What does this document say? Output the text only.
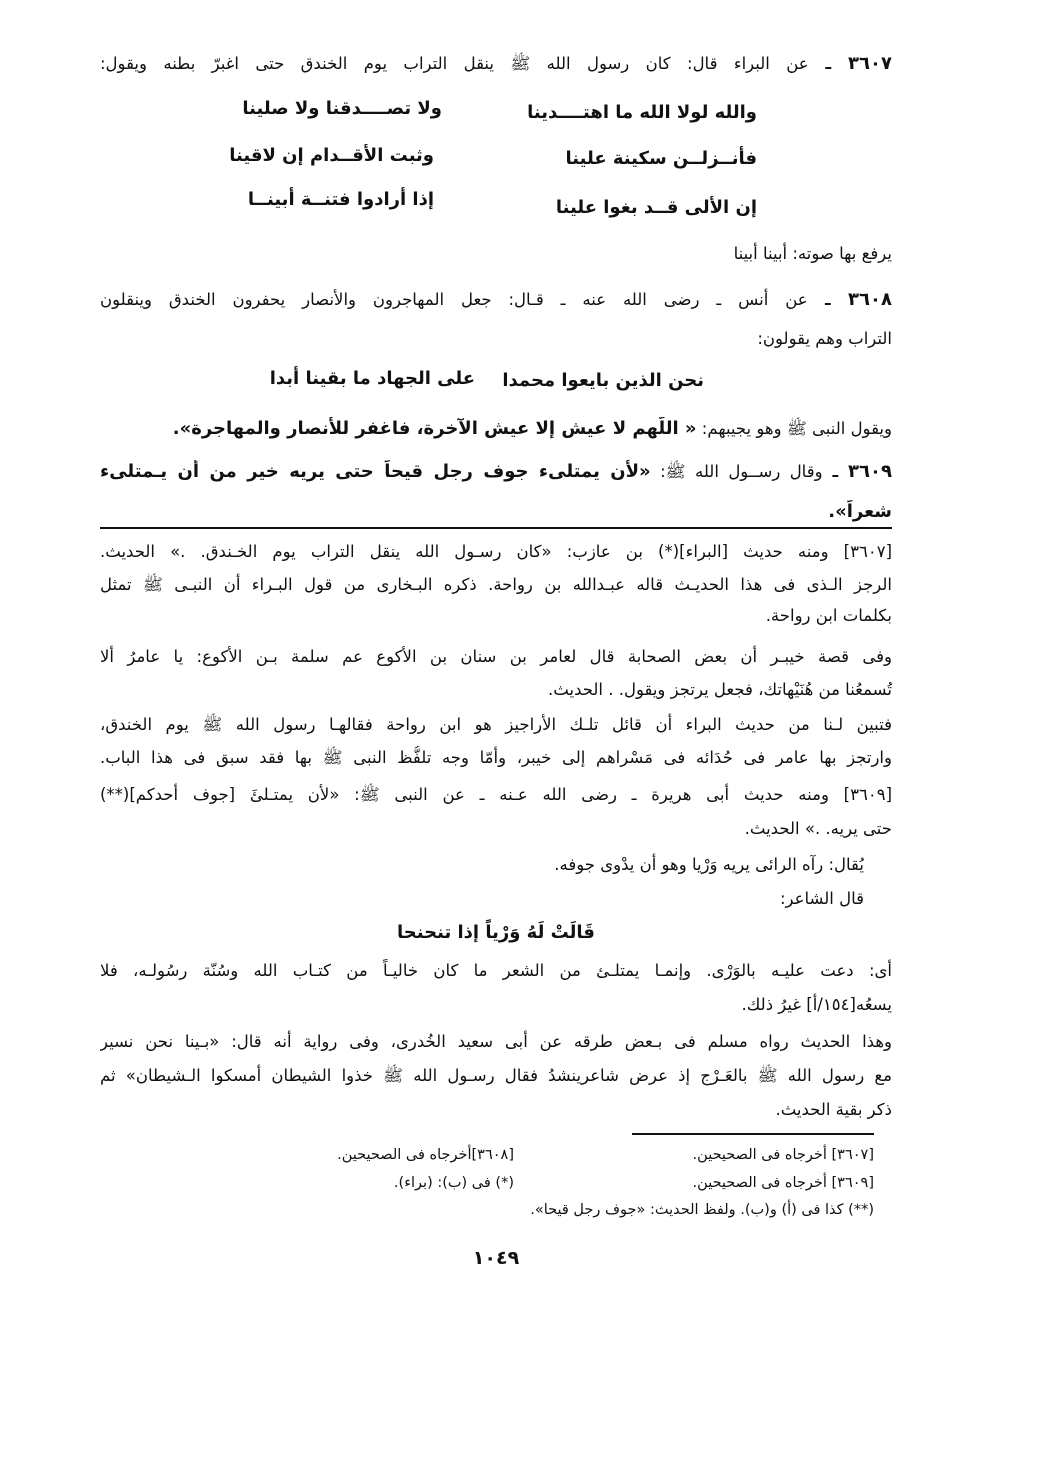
٣٦٠٧ ـ عن البراء قال: كان رسول الله ﷺ ينقل التراب يوم الخندق حتى اغبرّ بطنه ويقول:
والله لولا الله ما اهتــــدينا
ولا تصــــدقنا ولا صلينا
فأنــزلــن سكينة علينا
وثبت الأقــدام إن لاقينا
إن الألى قــد بغوا علينا
إذا أرادوا فتنــة أبينــا
يرفع بها صوته: أبينا أبينا
٣٦٠٨ ـ عن أنس ـ رضى الله عنه ـ قـال: جعل المهاجرون والأنصار يحفرون الخندق وينقلون
التراب وهم يقولون:
نحن الذين بايعوا محمدا
على الجهاد ما بقينا أبدا
ويقول النبى ﷺ وهو يجيبهم: « اللَّهم لا عيش إلا عيش الآخرة، فاغفر للأنصار والمهاجرة».
٣٦٠٩ ـ وقال رســول الله ﷺ: «لأن يمتلىء جوف رجل قيحاً حتى يريه خير من أن يـمتلىء
شعراً».
[٣٦٠٧] ومنه حديث [البراء](*) بن عازب: «كان رسـول الله ينقل التراب يوم الخـندق. .» الحديث.
الرجز الـذى فى هذا الحديـث قاله عبـدالله بن رواحة. ذكره البـخارى من قول البـراء أن النبـى ﷺ تمثل
بكلمات ابن رواحة.
وفى قصة خيبـر أن بعض الصحابة قال لعامر بن سنان بن الأكوع عم سلمة بـن الأكوع: يا عامرُ ألا
تُسمعُنا من هُنَيْهاتك، فجعل يرتجز ويقول. . الحديث.
فتبين لـنا من حديث البراء أن قائل تلـك الأراجيز هو ابن رواحة فقالهـا رسول الله ﷺ يوم الخندق،
وارتجز بها عامر فى حُدَائه فى مَسْراهم إلى خيبر، وأمّا وجه تلفُّظ النبى ﷺ بها فقد سبق فى هذا الباب.
[٣٦٠٩] ومنه حديث أبى هريرة ـ رضى الله عـنه ـ عن النبى ﷺ: «لأن يمتـلئَ [جوف أحدكم](**)
حتى يريه. .» الحديث.
يُقال: رآه الرائى يريه وَرْيا وهو أن يدْوى جوفه.
قال الشاعر:
قَالَتْ لَهُ وَرْياً إذا تنحنحا
أى: دعت عليـه بالوَرْى. وإنمـا يمتلـئ من الشعر ما كان خاليـاً من كتـاب الله وسُنّة رسُولـه، فلا
يسعُه[١٥٤/أ] غيرُ ذلك.
وهذا الحديث رواه مسلم فى بـعض طرقه عن أبى سعيد الخُدرى، وفى رواية أنه قال: «بـينا نحن نسير
مع رسول الله ﷺ بالعَـرْج إذ عرض شاعرينشدُ فقال رسـول الله ﷺ خذوا الشيطان أمسكوا الـشيطان» ثم
ذكر بقية الحديث.
[٣٦٠٧] أخرجاه فى الصحيحين.
[٣٦٠٨]أخرجاه فى الصحيحين.
[٣٦٠٩] أخرجاه فى الصحيحين.
(*) فى (ب): (براء).
(**) كذا فى (أ) و(ب). ولفظ الحديث: «جوف رجل قيحا».
١٠٤٩
